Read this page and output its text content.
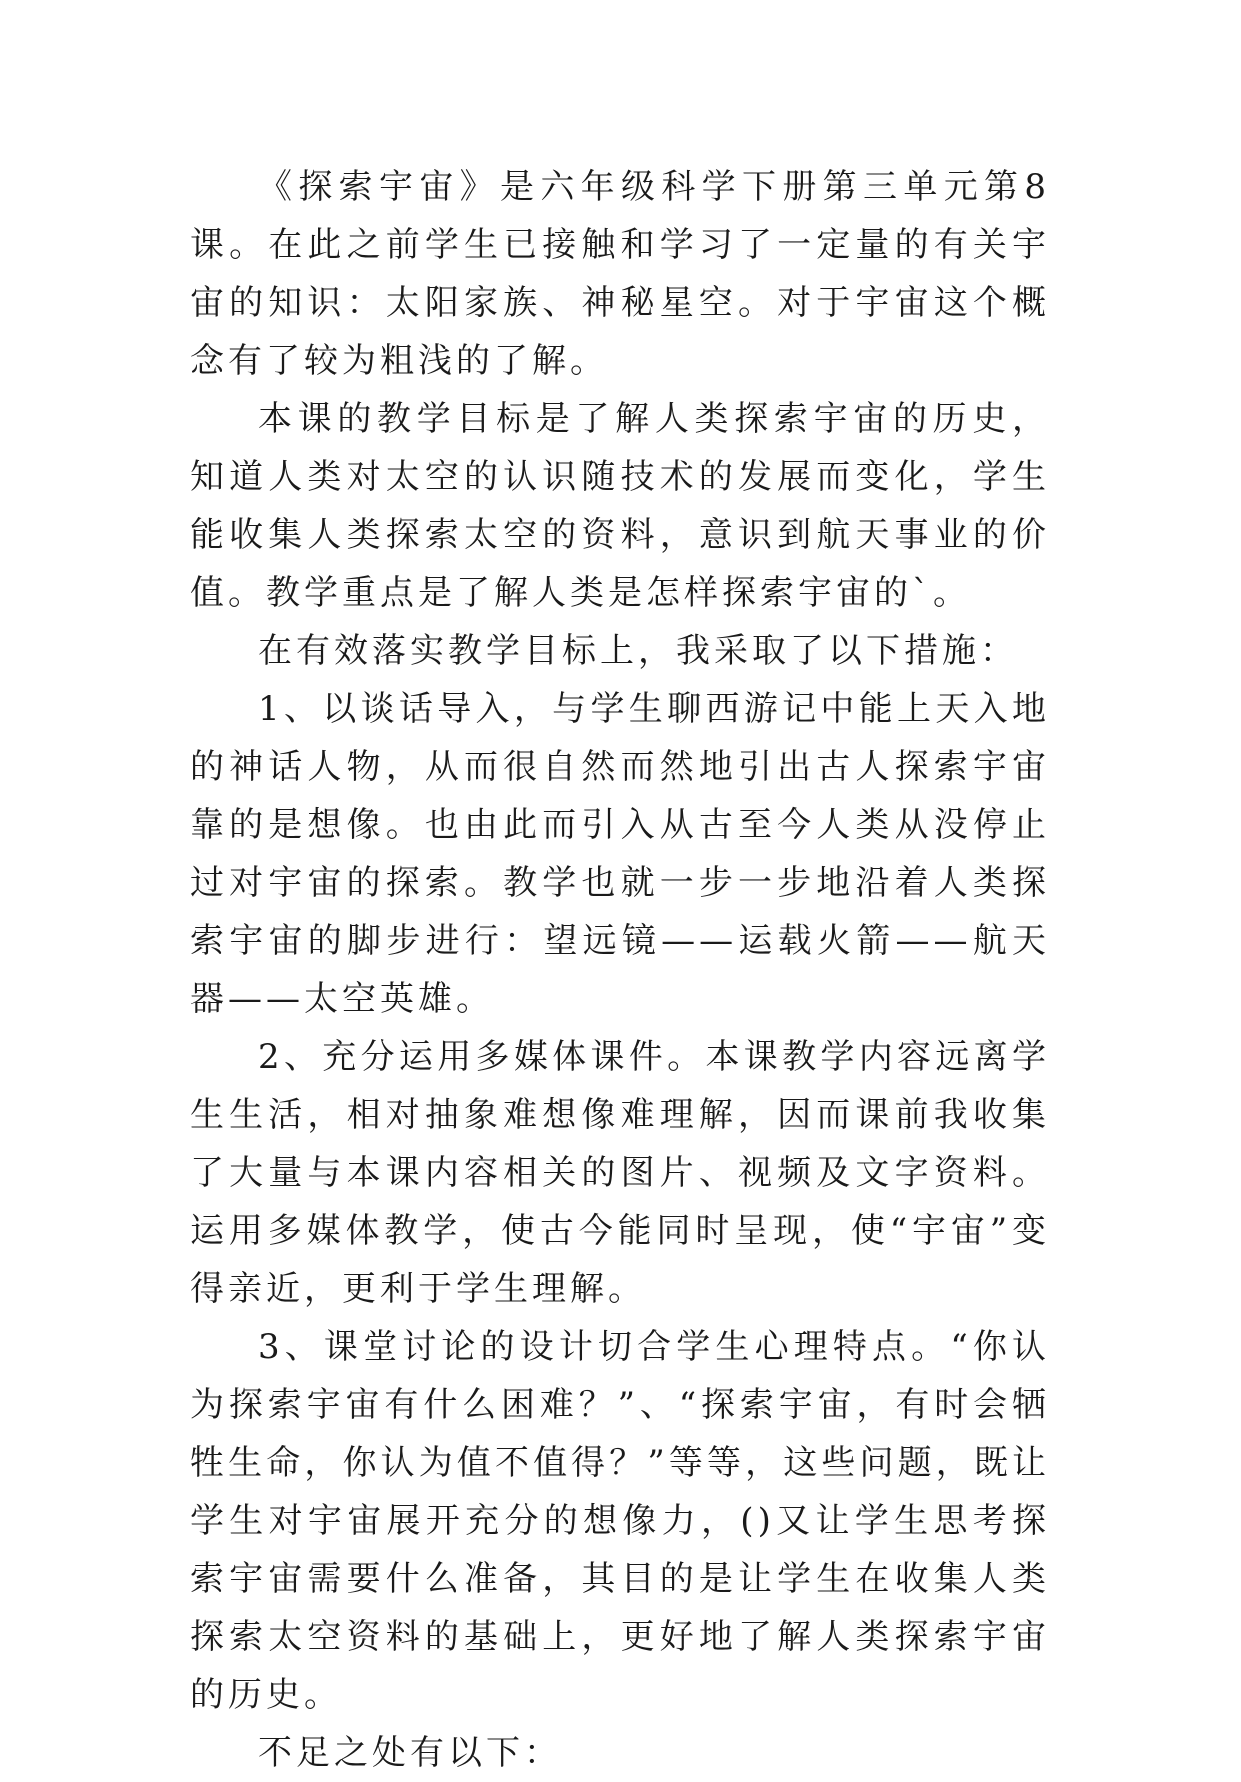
《探索宇宙》是六年级科学下册第三单元第8课。在此之前学生已接触和学习了一定量的有关宇宙的知识：太阳家族、神秘星空。对于宇宙这个概念有了较为粗浅的了解。

本课的教学目标是了解人类探索宇宙的历史，知道人类对太空的认识随技术的发展而变化，学生能收集人类探索太空的资料，意识到航天事业的价值。教学重点是了解人类是怎样探索宇宙的`。

在有效落实教学目标上，我采取了以下措施：

1、以谈话导入，与学生聊西游记中能上天入地的神话人物，从而很自然而然地引出古人探索宇宙靠的是想像。也由此而引入从古至今人类从没停止过对宇宙的探索。教学也就一步一步地沿着人类探索宇宙的脚步进行：望远镜——运载火箭——航天器——太空英雄。

2、充分运用多媒体课件。本课教学内容远离学生生活，相对抽象难想像难理解，因而课前我收集了大量与本课内容相关的图片、视频及文字资料。运用多媒体教学，使古今能同时呈现，使“宇宙”变得亲近，更利于学生理解。

3、课堂讨论的设计切合学生心理特点。“你认为探索宇宙有什么困难？”、“探索宇宙，有时会牺牲生命，你认为值不值得？”等等，这些问题，既让学生对宇宙展开充分的想像力，()又让学生思考探索宇宙需要什么准备，其目的是让学生在收集人类探索太空资料的基础上，更好地了解人类探索宇宙的历史。

不足之处有以下：
